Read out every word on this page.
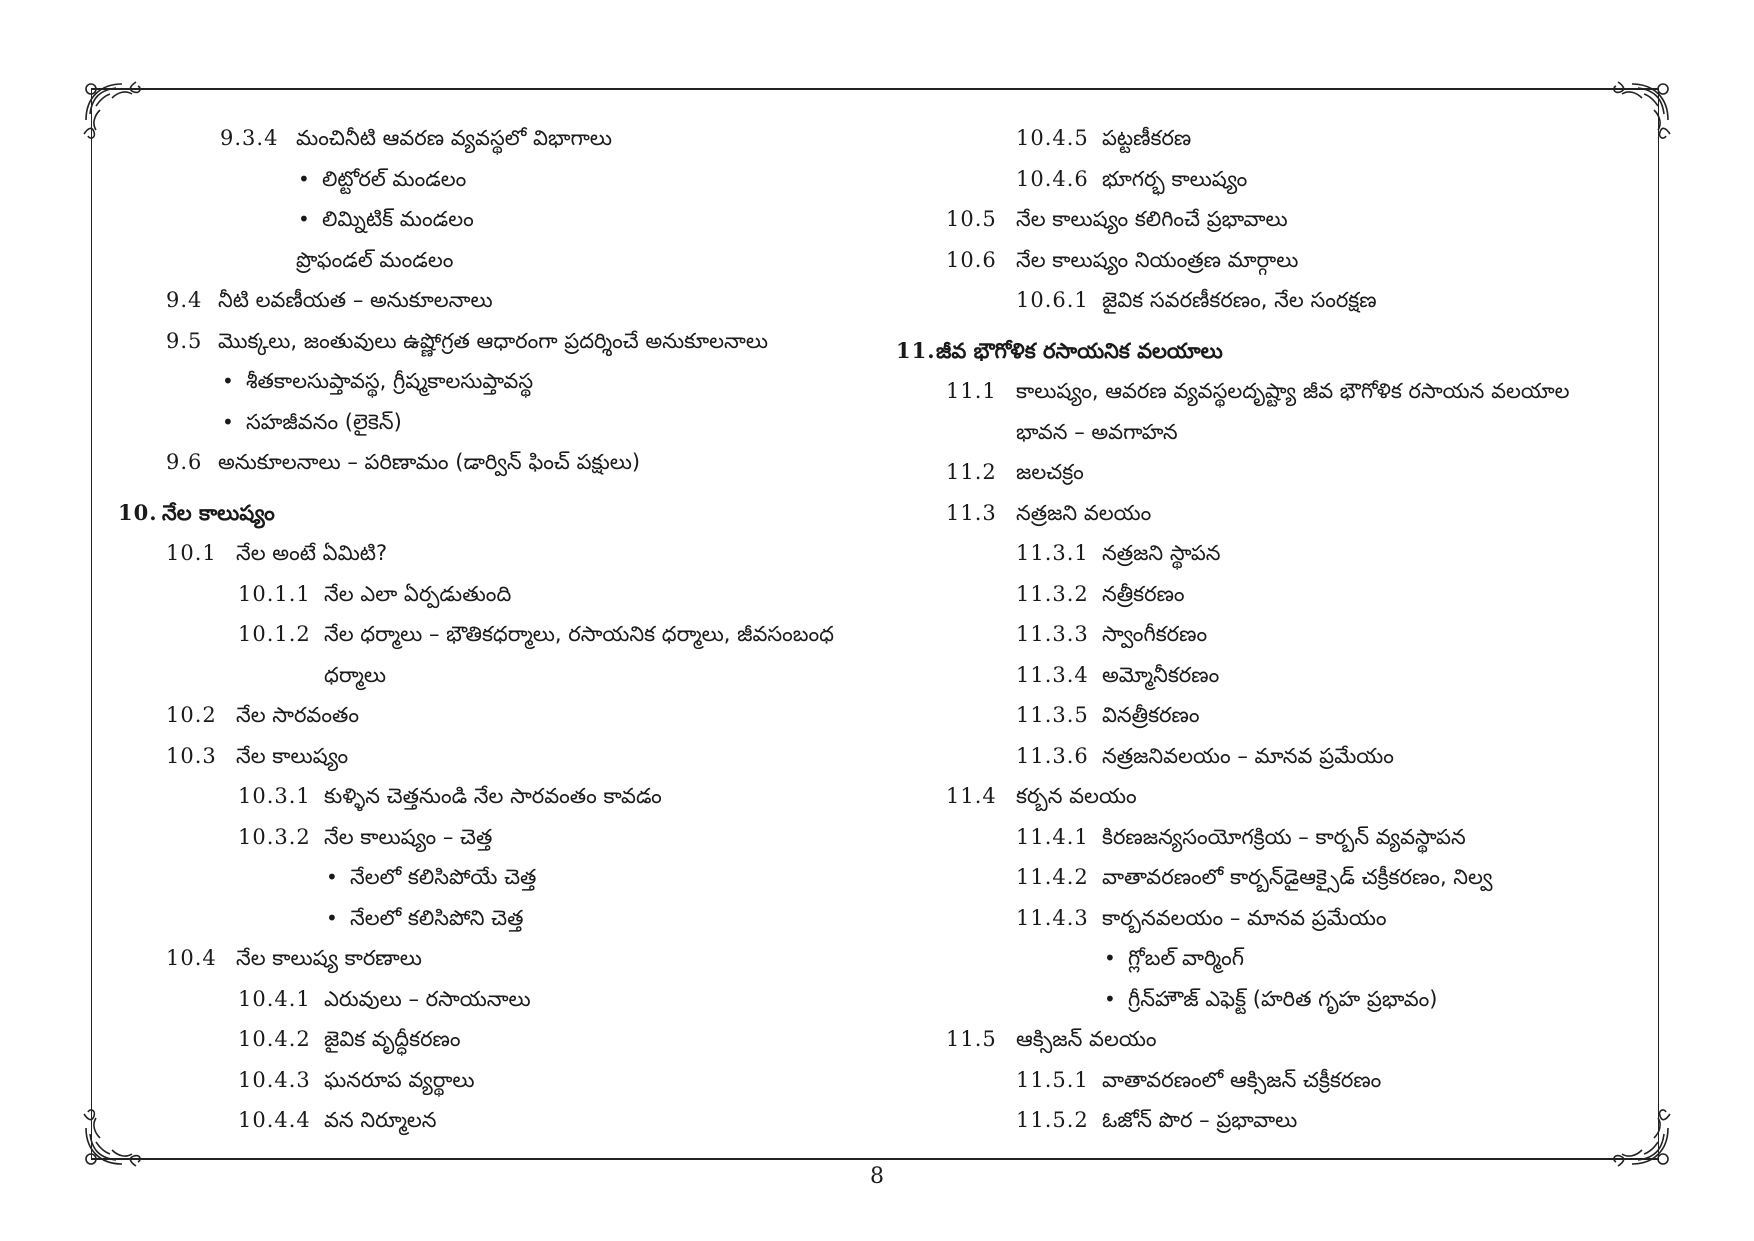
9.3.4 మంచినీటి ఆవరణ వ్యవస్థలో విభాగాలు
• లిట్టోరల్ మండలం
• లిమ్నిటిక్ మండలం
ప్రొఫండల్ మండలం
9.4 నీటి లవణీయత – అనుకూలనాలు
9.5 మొక్కలు, జంతువులు ఉష్ణోగ్రత ఆధారంగా ప్రదర్శించే అనుకూలనాలు
• శీతకాలసుప్తావస్థ, గ్రీష్మకాలసుప్తావస్థ
• సహజీవనం (లైకెన్)
9.6 అనుకూలనాలు – పరిణామం (డార్విన్ ఫించ్ పక్షులు)
10. నేల కాలుష్యం
10.1 నేల అంటే ఏమిటి?
10.1.1 నేల ఎలా ఏర్పడుతుంది
10.1.2 నేల ధర్మాలు – భౌతికధర్మాలు, రసాయనిక ధర్మాలు, జీవసంబంధ
ధర్మాలు
10.2 నేల సారవంతం
10.3 నేల కాలుష్యం
10.3.1 కుళ్ళిన చెత్తనుండి నేల సారవంతం కావడం
10.3.2 నేల కాలుష్యం – చెత్త
• నేలలో కలిసిపోయే చెత్త
• నేలలో కలిసిపోని చెత్త
10.4 నేల కాలుష్య కారణాలు
10.4.1 ఎరువులు – రసాయనాలు
10.4.2 జైవిక వృద్ధీకరణం
10.4.3 ఘనరూప వ్యర్థాలు
10.4.4 వన నిర్మూలన
10.4.5 పట్టణీకరణ
10.4.6 భూగర్భ కాలుష్యం
10.5 నేల కాలుష్యం కలిగించే ప్రభావాలు
10.6 నేల కాలుష్యం నియంత్రణ మార్గాలు
10.6.1 జైవిక సవరణీకరణం, నేల సంరక్షణ
11. జీవ భౌగోళిక రసాయనిక వలయాలు
11.1 కాలుష్యం, ఆవరణ వ్యవస్థలదృష్ట్యా జీవ భౌగోళిక రసాయన వలయాల
భావన – అవగాహన
11.2 జలచక్రం
11.3 నత్రజని వలయం
11.3.1 నత్రజని స్థాపన
11.3.2 నత్రీకరణం
11.3.3 స్వాంగీకరణం
11.3.4 అమ్మోనీకరణం
11.3.5 వినత్రీకరణం
11.3.6 నత్రజనివలయం – మానవ ప్రమేయం
11.4 కర్బన వలయం
11.4.1 కిరణజన్యసంయోగక్రియ – కార్బన్ వ్యవస్థాపన
11.4.2 వాతావరణంలో కార్బన్‌డైఆక్సైడ్ చక్రీకరణం, నిల్వ
11.4.3 కార్బనవలయం – మానవ ప్రమేయం
• గ్లోబల్ వార్మింగ్
• గ్రీన్‌హౌజ్ ఎఫెక్ట్ (హరిత గృహ ప్రభావం)
11.5 ఆక్సిజన్ వలయం
11.5.1 వాతావరణంలో ఆక్సిజన్ చక్రీకరణం
11.5.2 ఓజోన్ పొర – ప్రభావాలు
8
